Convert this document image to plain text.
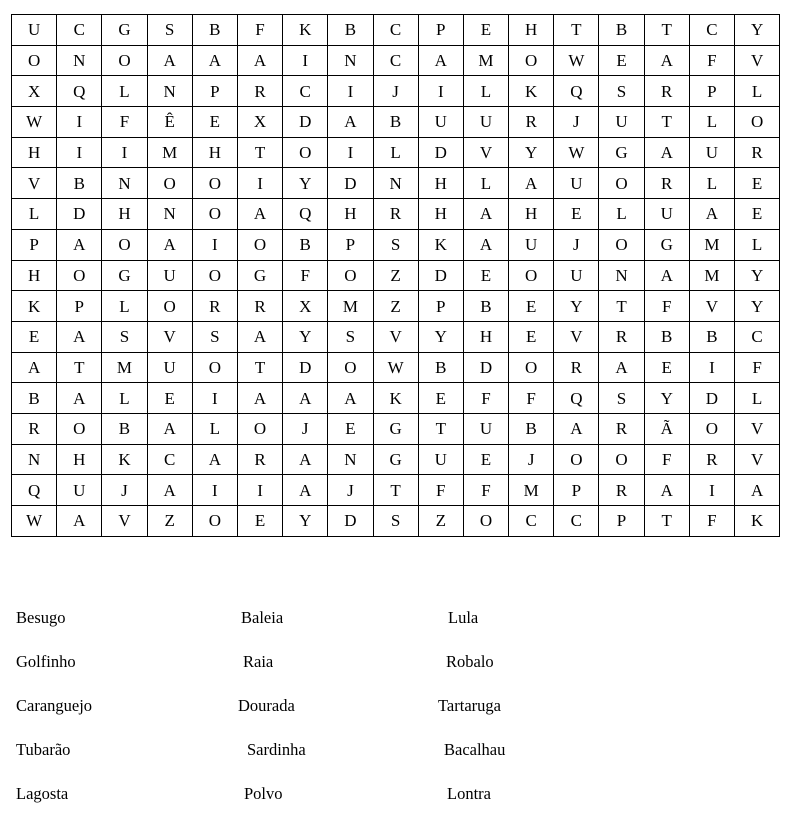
U	C	G	S	B	F	K	B	C	P	E	H	T	B	T	C	Y
O	N	O	A	A	A	I	N	C	A	M	O	W	E	A	F	V
X	Q	L	N	P	R	C	I	J	I	L	K	Q	S	R	P	L
W	I	F	Ê	E	X	D	A	B	U	U	R	J	U	T	L	O
H	I	I	M	H	T	O	I	L	D	V	Y	W	G	A	U	R
V	B	N	O	O	I	Y	D	N	H	L	A	U	O	R	L	E
L	D	H	N	O	A	Q	H	R	H	A	H	E	L	U	A	E
P	A	O	A	I	O	B	P	S	K	A	U	J	O	G	M	L
H	O	G	U	O	G	F	O	Z	D	E	O	U	N	A	M	Y
K	P	L	O	R	R	X	M	Z	P	B	E	Y	T	F	V	Y
E	A	S	V	S	A	Y	S	V	Y	H	E	V	R	B	B	C
A	T	M	U	O	T	D	O	W	B	D	O	R	A	E	I	F
B	A	L	E	I	A	A	A	K	E	F	F	Q	S	Y	D	L
R	O	B	A	L	O	J	E	G	T	U	B	A	R	Ã	O	V
N	H	K	C	A	R	A	N	G	U	E	J	O	O	F	R	V
Q	U	J	A	I	I	A	J	T	F	F	M	P	R	A	I	A
W	A	V	Z	O	E	Y	D	S	Z	O	C	C	P	T	F	K
Besugo	Baleia	Lula
Golfinho	Raia	Robalo
Caranguejo	Dourada	Tartaruga
Tubarão	Sardinha	Bacalhau
Lagosta	Polvo	Lontra
